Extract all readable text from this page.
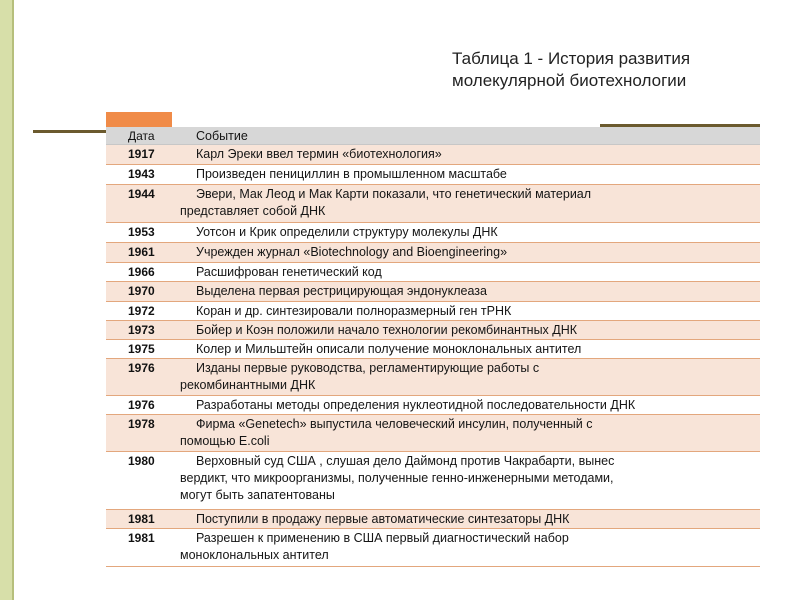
Таблица 1 - История развития
молекулярной биотехнологии
Дата	Событие
1917	Карл Эреки ввел термин «биотехнология»
1943	Произведен пенициллин в промышленном масштабе
1944	Эвери, Мак Леод и Мак Карти показали, что генетический материал
представляет собой ДНК
1953	Уотсон и Крик определили структуру молекулы ДНК
1961	Учрежден журнал «Biotechnology and Bioengineering»
1966	Расшифрован генетический код
1970	Выделена первая рестрицирующая эндонуклеаза
1972	Коран и др. синтезировали полноразмерный ген тРНК
1973	Бойер и Коэн положили начало технологии рекомбинантных ДНК
1975	Колер и Мильштейн описали получение моноклональных антител
1976	Изданы первые руководства, регламентирующие работы с
рекомбинантными ДНК
1976	Разработаны методы определения нуклеотидной последовательности ДНК
1978	Фирма «Genetech» выпустила человеческий инсулин, полученный с
помощью E.coli
1980	Верховный суд США , слушая дело Даймонд против Чакрабарти, вынес
вердикт, что микроорганизмы, полученные генно-инженерными методами,
могут быть запатентованы
1981	Поступили в продажу первые автоматические синтезаторы ДНК
1981	Разрешен к применению в США первый диагностический набор
моноклональных антител
